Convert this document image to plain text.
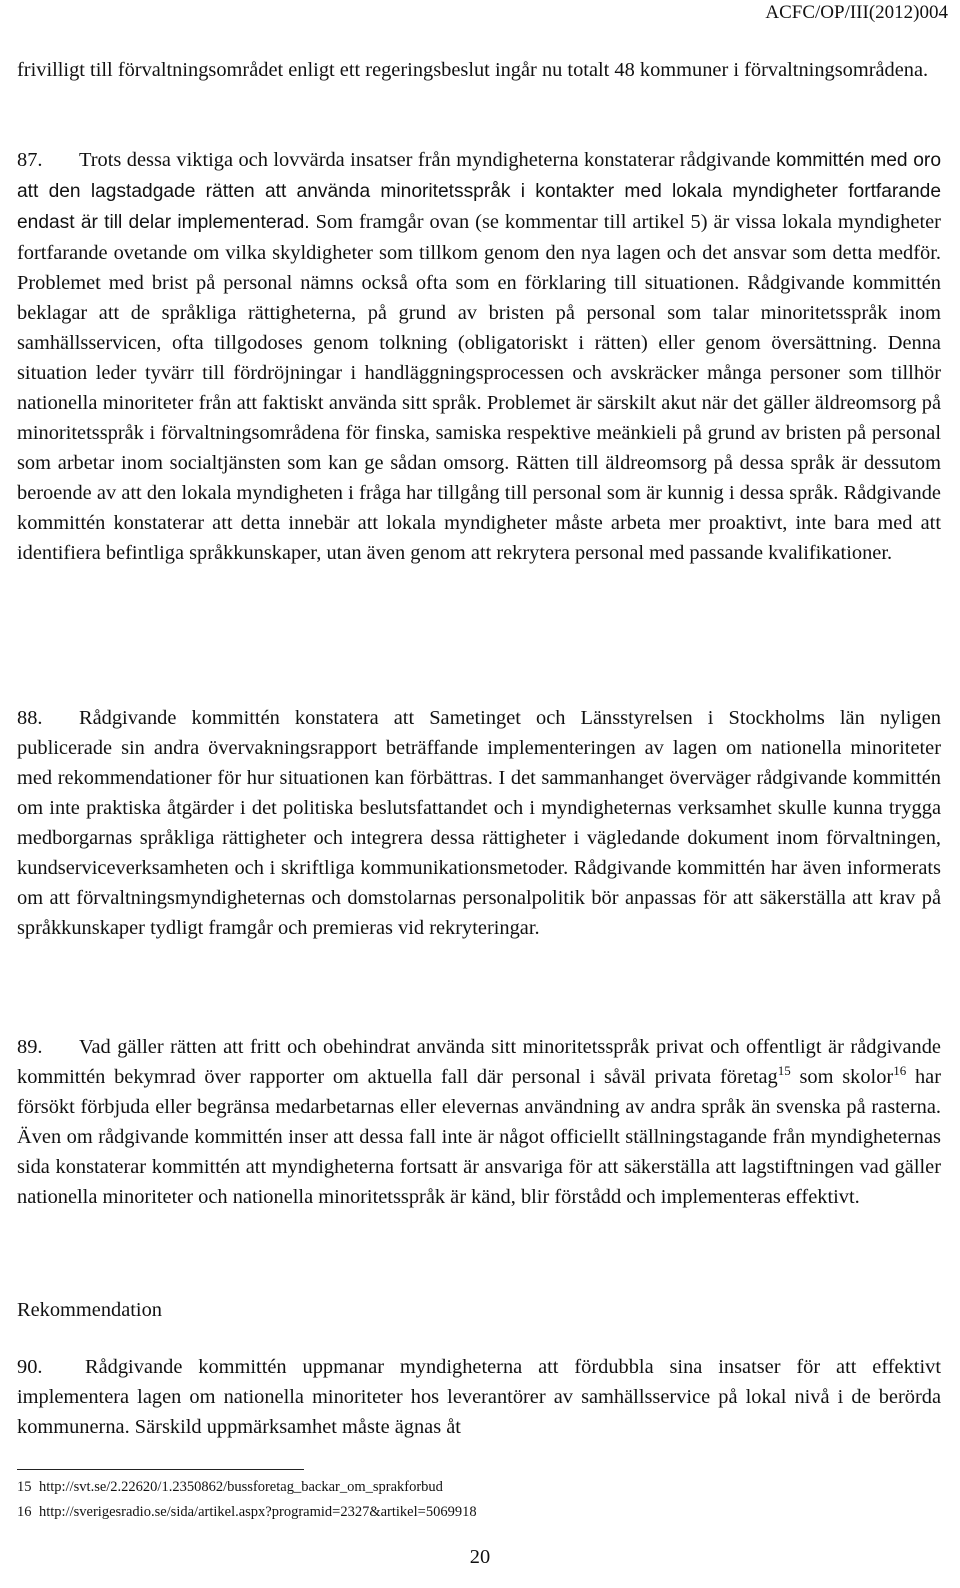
ACFC/OP/III(2012)004

frivilligt till förvaltningsområdet enligt ett regeringsbeslut ingår nu totalt 48 kommuner i förvaltningsområdena.

87. Trots dessa viktiga och lovvärda insatser från myndigheterna konstaterar rådgivande kommittén med oro att den lagstadgade rätten att använda minoritetsspråk i kontakter med lokala myndigheter fortfarande endast är till delar implementerad. Som framgår ovan (se kommentar till artikel 5) är vissa lokala myndigheter fortfarande ovetande om vilka skyldigheter som tillkom genom den nya lagen och det ansvar som detta medför. Problemet med brist på personal nämns också ofta som en förklaring till situationen. Rådgivande kommittén beklagar att de språkliga rättigheterna, på grund av bristen på personal som talar minoritetsspråk inom samhällsservicen, ofta tillgodoses genom tolkning (obligatoriskt i rätten) eller genom översättning. Denna situation leder tyvärr till fördröjningar i handläggningsprocessen och avskräcker många personer som tillhör nationella minoriteter från att faktiskt använda sitt språk. Problemet är särskilt akut när det gäller äldreomsorg på minoritetsspråk i förvaltningsområdena för finska, samiska respektive meänkieli på grund av bristen på personal som arbetar inom socialtjänsten som kan ge sådan omsorg. Rätten till äldreomsorg på dessa språk är dessutom beroende av att den lokala myndigheten i fråga har tillgång till personal som är kunnig i dessa språk. Rådgivande kommittén konstaterar att detta innebär att lokala myndigheter måste arbeta mer proaktivt, inte bara med att identifiera befintliga språkkunskaper, utan även genom att rekrytera personal med passande kvalifikationer.

88. Rådgivande kommittén konstatera att Sametinget och Länsstyrelsen i Stockholms län nyligen publicerade sin andra övervakningsrapport beträffande implementeringen av lagen om nationella minoriteter med rekommendationer för hur situationen kan förbättras. I det sammanhanget överväger rådgivande kommittén om inte praktiska åtgärder i det politiska beslutsfattandet och i myndigheternas verksamhet skulle kunna trygga medborgarnas språkliga rättigheter och integrera dessa rättigheter i vägledande dokument inom förvaltningen, kundserviceverksamheten och i skriftliga kommunikationsmetoder. Rådgivande kommittén har även informerats om att förvaltningsmyndigheternas och domstolarnas personalpolitik bör anpassas för att säkerställa att krav på språkkunskaper tydligt framgår och premieras vid rekryteringar.

89. Vad gäller rätten att fritt och obehindrat använda sitt minoritetsspråk privat och offentligt är rådgivande kommittén bekymrad över rapporter om aktuella fall där personal i såväl privata företag$^{15}$ som skolor$^{16}$ har försökt förbjuda eller begränsa medarbetarnas eller elevernas användning av andra språk än svenska på rasterna. Även om rådgivande kommittén inser att dessa fall inte är något officiellt ställningstagande från myndigheternas sida konstaterar kommittén att myndigheterna fortsatt är ansvariga för att säkerställa att lagstiftningen vad gäller nationella minoriteter och nationella minoritetsspråk är känd, blir förstådd och implementeras effektivt.

Rekommendation

90. Rådgivande kommittén uppmanar myndigheterna att fördubbla sina insatser för att effektivt implementera lagen om nationella minoriteter hos leverantörer av samhällsservice på lokal nivå i de berörda kommunerna. Särskild uppmärksamhet måste ägnas åt

15 http://svt.se/2.22620/1.2350862/bussforetag_backar_om_sprakforbud
16 http://sverigesradio.se/sida/artikel.aspx?programid=2327&artikel=5069918
20
